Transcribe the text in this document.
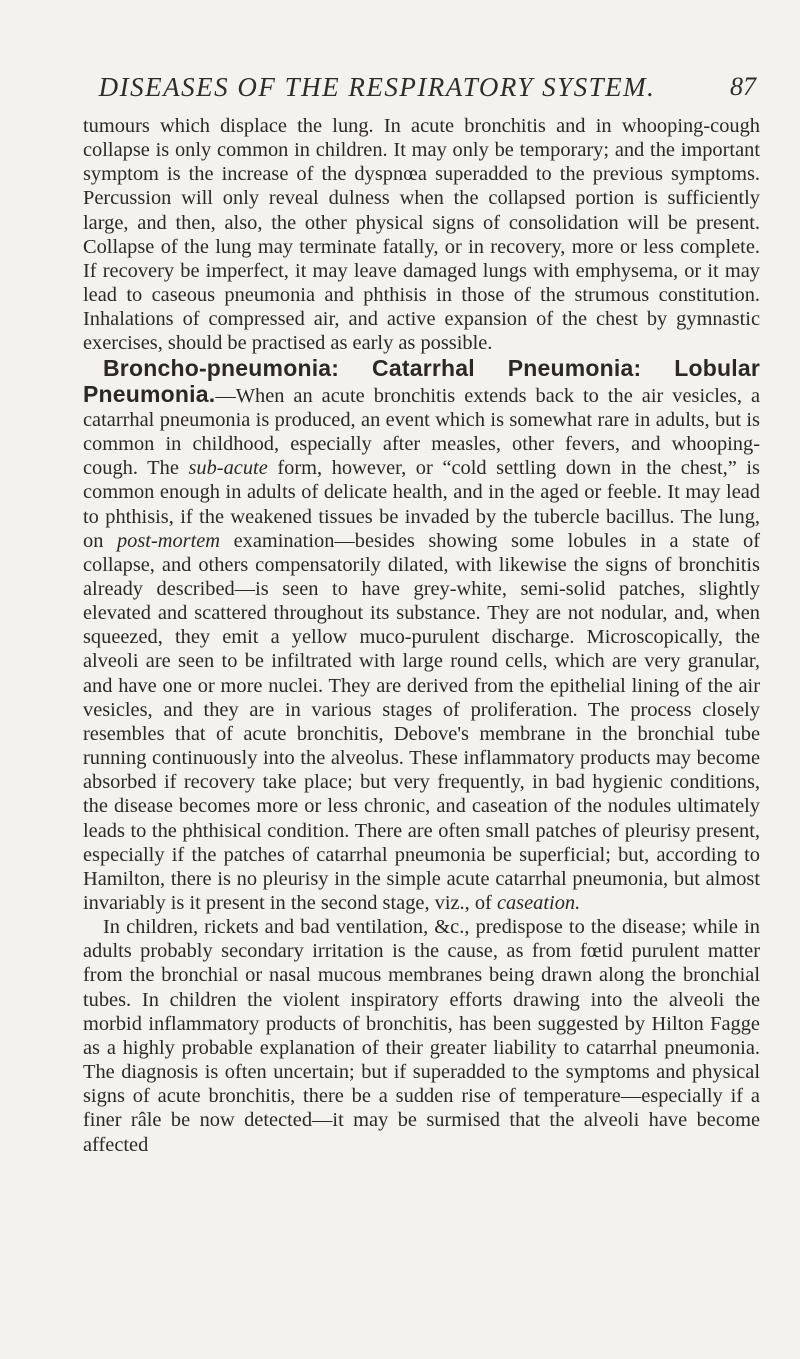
DISEASES OF THE RESPIRATORY SYSTEM.	87

tumours which displace the lung. In acute bronchitis and in whooping-cough collapse is only common in children. It may only be temporary; and the important symptom is the increase of the dyspnœa superadded to the previous symptoms. Percussion will only reveal dulness when the collapsed portion is sufficiently large, and then, also, the other physical signs of consolidation will be present. Collapse of the lung may terminate fatally, or in recovery, more or less complete. If recovery be imperfect, it may leave damaged lungs with emphysema, or it may lead to caseous pneumonia and phthisis in those of the strumous constitution. Inhalations of compressed air, and active expansion of the chest by gymnastic exercises, should be practised as early as possible.

Broncho-pneumonia: Catarrhal Pneumonia: Lobular Pneumonia.—When an acute bronchitis extends back to the air vesicles, a catarrhal pneumonia is produced, an event which is somewhat rare in adults, but is common in childhood, especially after measles, other fevers, and whooping-cough. The sub-acute form, however, or “cold settling down in the chest,” is common enough in adults of delicate health, and in the aged or feeble. It may lead to phthisis, if the weakened tissues be invaded by the tubercle bacillus. The lung, on post-mortem examination—besides showing some lobules in a state of collapse, and others compensatorily dilated, with likewise the signs of bronchitis already described—is seen to have grey-white, semi-solid patches, slightly elevated and scattered throughout its substance. They are not nodular, and, when squeezed, they emit a yellow muco-purulent discharge. Microscopically, the alveoli are seen to be infiltrated with large round cells, which are very granular, and have one or more nuclei. They are derived from the epithelial lining of the air vesicles, and they are in various stages of proliferation. The process closely resembles that of acute bronchitis, Debove's membrane in the bronchial tube running continuously into the alveolus. These inflammatory products may become absorbed if recovery take place; but very frequently, in bad hygienic conditions, the disease becomes more or less chronic, and caseation of the nodules ultimately leads to the phthisical condition. There are often small patches of pleurisy present, especially if the patches of catarrhal pneumonia be superficial; but, according to Hamilton, there is no pleurisy in the simple acute catarrhal pneumonia, but almost invariably is it present in the second stage, viz., of caseation.

In children, rickets and bad ventilation, &c., predispose to the disease; while in adults probably secondary irritation is the cause, as from fœtid purulent matter from the bronchial or nasal mucous membranes being drawn along the bronchial tubes. In children the violent inspiratory efforts drawing into the alveoli the morbid inflammatory products of bronchitis, has been suggested by Hilton Fagge as a highly probable explanation of their greater liability to catarrhal pneumonia. The diagnosis is often uncertain; but if superadded to the symptoms and physical signs of acute bronchitis, there be a sudden rise of temperature—especially if a finer râle be now detected—it may be surmised that the alveoli have become affected
